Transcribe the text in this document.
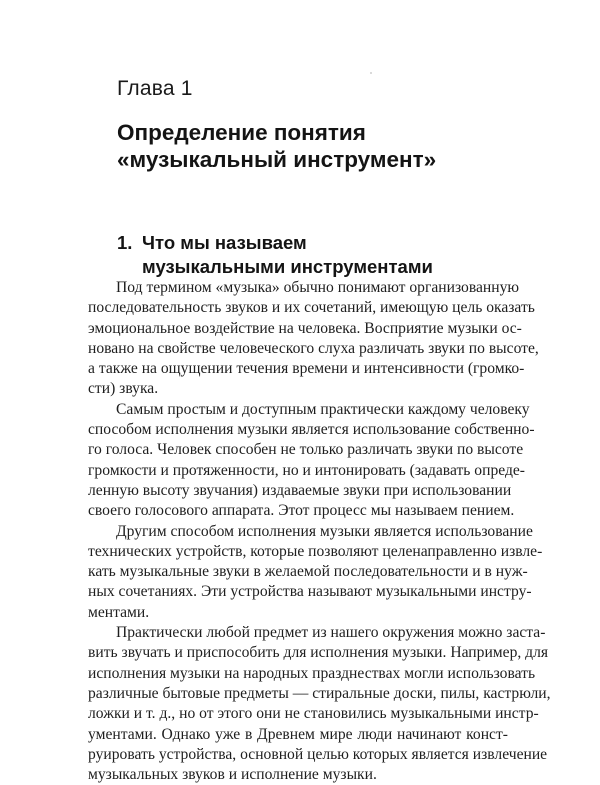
Глава 1
Определение понятия
«музыкальный инструмент»
1. Что мы называем
музыкальными инструментами
Под термином «музыка» обычно понимают организованную
последовательность звуков и их сочетаний, имеющую цель оказать
эмоциональное воздействие на человека. Восприятие музыки ос-
новано на свойстве человеческого слуха различать звуки по высоте,
а также на ощущении течения времени и интенсивности (громко-
сти) звука.
Самым простым и доступным практически каждому человеку
способом исполнения музыки является использование собственно-
го голоса. Человек способен не только различать звуки по высоте
громкости и протяженности, но и интонировать (задавать опреде-
ленную высоту звучания) издаваемые звуки при использовании
своего голосового аппарата. Этот процесс мы называем пением.
Другим способом исполнения музыки является использование
технических устройств, которые позволяют целенаправленно извле-
кать музыкальные звуки в желаемой последовательности и в нуж-
ных сочетаниях. Эти устройства называют музыкальными инстру-
ментами.
Практически любой предмет из нашего окружения можно заста-
вить звучать и приспособить для исполнения музыки. Например, для
исполнения музыки на народных празднествах могли использовать
различные бытовые предметы — стиральные доски, пилы, кастрюли,
ложки и т. д., но от этого они не становились музыкальными инстр-
ументами. Однако уже в Древнем мире люди начинают конст-
руировать устройства, основной целью которых является извлечение
музыкальных звуков и исполнение музыки.
